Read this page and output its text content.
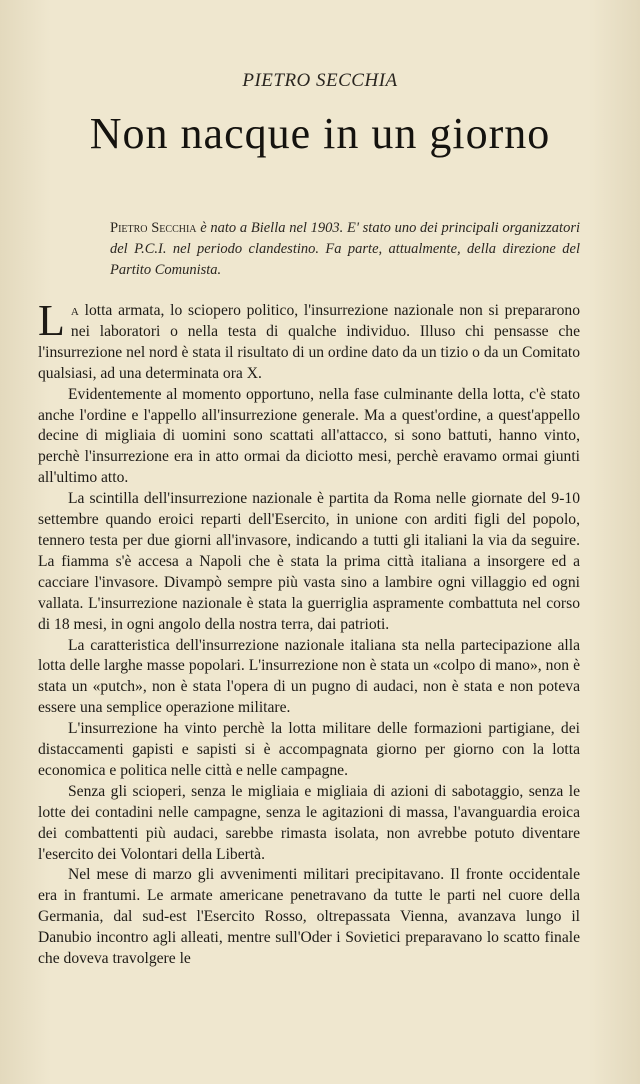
PIETRO SECCHIA
Non nacque in un giorno
Pietro Secchia è nato a Biella nel 1903. E' stato uno dei principali organizzatori del P.C.I. nel periodo clandestino. Fa parte, attualmente, della direzione del Partito Comunista.

La lotta armata, lo sciopero politico, l'insurrezione nazionale non si prepararono nei laboratori o nella testa di qualche individuo. Illuso chi pensasse che l'insurrezione nel nord è stata il risultato di un ordine dato da un tizio o da un Comitato qualsiasi, ad una determinata ora X.

Evidentemente al momento opportuno, nella fase culminante della lotta, c'è stato anche l'ordine e l'appello all'insurrezione generale. Ma a quest'ordine, a quest'appello decine di migliaia di uomini sono scattati all'attacco, si sono battuti, hanno vinto, perchè l'insurrezione era in atto ormai da diciotto mesi, perchè eravamo ormai giunti all'ultimo atto.

La scintilla dell'insurrezione nazionale è partita da Roma nelle giornate del 9-10 settembre quando eroici reparti dell'Esercito, in unione con arditi figli del popolo, tennero testa per due giorni all'invasore, indicando a tutti gli italiani la via da seguire. La fiamma s'è accesa a Napoli che è stata la prima città italiana a insorgere ed a cacciare l'invasore. Divampò sempre più vasta sino a lambire ogni villaggio ed ogni vallata. L'insurrezione nazionale è stata la guerriglia aspramente combattuta nel corso di 18 mesi, in ogni angolo della nostra terra, dai patrioti.

La caratteristica dell'insurrezione nazionale italiana sta nella partecipazione alla lotta delle larghe masse popolari. L'insurrezione non è stata un «colpo di mano», non è stata un «putch», non è stata l'opera di un pugno di audaci, non è stata e non poteva essere una semplice operazione militare.

L'insurrezione ha vinto perchè la lotta militare delle formazioni partigiane, dei distaccamenti gapisti e sapisti si è accompagnata giorno per giorno con la lotta economica e politica nelle città e nelle campagne.

Senza gli scioperi, senza le migliaia e migliaia di azioni di sabotaggio, senza le lotte dei contadini nelle campagne, senza le agitazioni di massa, l'avanguardia eroica dei combattenti più audaci, sarebbe rimasta isolata, non avrebbe potuto diventare l'esercito dei Volontari della Libertà.

Nel mese di marzo gli avvenimenti militari precipitavano. Il fronte occidentale era in frantumi. Le armate americane penetravano da tutte le parti nel cuore della Germania, dal sud-est l'Esercito Rosso, oltrepassata Vienna, avanzava lungo il Danubio incontro agli alleati, mentre sull'Oder i Sovietici preparavano lo scatto finale che doveva travolgere le
